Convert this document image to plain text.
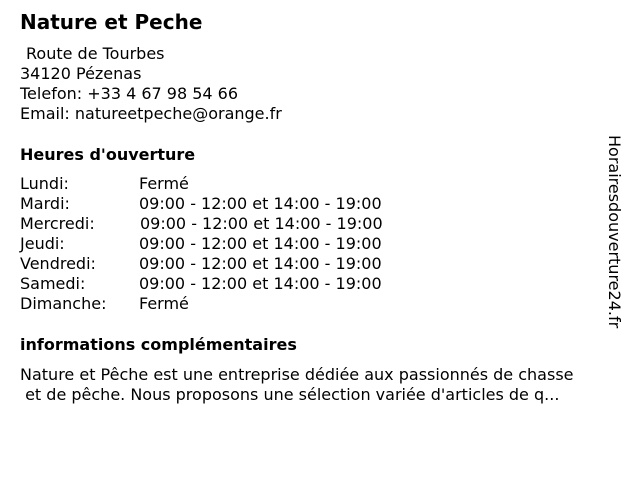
Nature et Peche
Route de Tourbes
34120 Pézenas
Telefon: +33 4 67 98 54 66
Email: natureetpeche@orange.fr
Heures d'ouverture
Lundi:	Fermé
Mardi:	09:00 - 12:00 et 14:00 - 19:00
Mercredi:	09:00 - 12:00 et 14:00 - 19:00
Jeudi:	09:00 - 12:00 et 14:00 - 19:00
Vendredi:	09:00 - 12:00 et 14:00 - 19:00
Samedi:	09:00 - 12:00 et 14:00 - 19:00
Dimanche: Fermé
informations complémentaires
Nature et Pêche est une entreprise dédiée aux passionnés de chasse
et de pêche. Nous proposons une sélection variée d'articles de q...
Horairesdouverture24.fr
